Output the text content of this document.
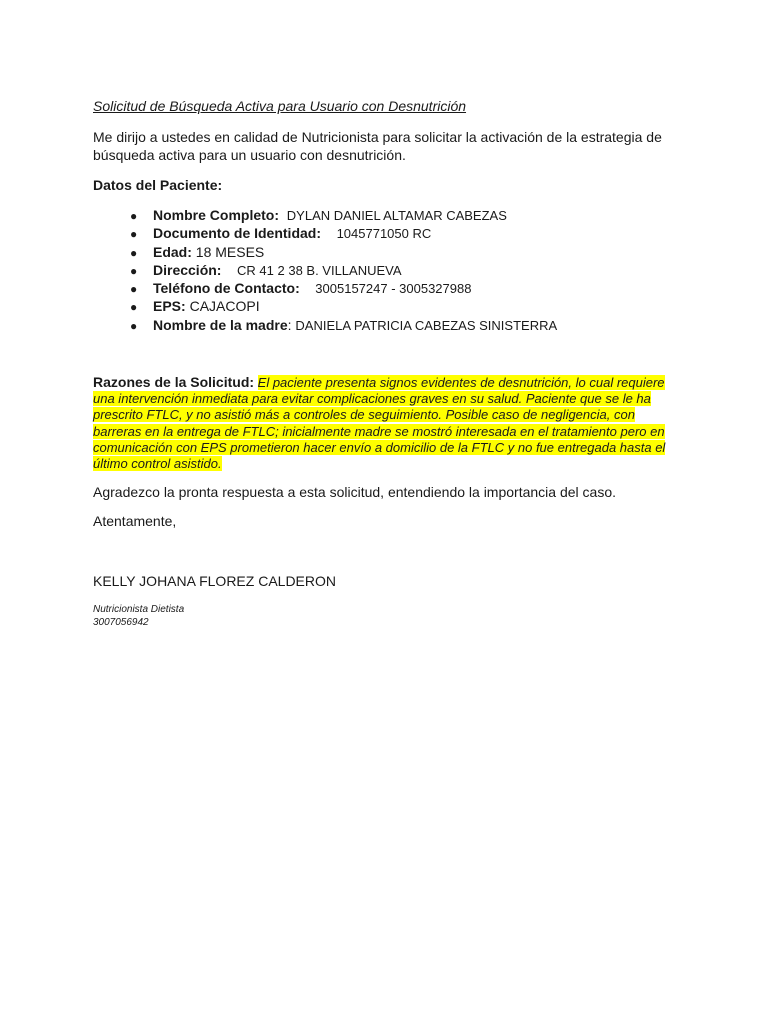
Solicitud de Búsqueda Activa para Usuario con Desnutrición

Me dirijo a ustedes en calidad de Nutricionista para solicitar la activación de la estrategia de búsqueda activa para un usuario con desnutrición.

Datos del Paciente:

● Nombre Completo: DYLAN DANIEL ALTAMAR CABEZAS
● Documento de Identidad: 1045771050 RC
● Edad: 18 MESES
● Dirección: CR 41 2 38 B. VILLANUEVA
● Teléfono de Contacto: 3005157247 - 3005327988
● EPS: CAJACOPI
● Nombre de la madre: DANIELA PATRICIA CABEZAS SINISTERRA

Razones de la Solicitud: El paciente presenta signos evidentes de desnutrición, lo cual requiere una intervención inmediata para evitar complicaciones graves en su salud. Paciente que se le ha prescrito FTLC, y no asistió más a controles de seguimiento. Posible caso de negligencia, con barreras en la entrega de FTLC; inicialmente madre se mostró interesada en el tratamiento pero en comunicación con EPS prometieron hacer envío a domicilio de la FTLC y no fue entregada hasta el último control asistido.

Agradezco la pronta respuesta a esta solicitud, entendiendo la importancia del caso.

Atentamente,

KELLY JOHANA FLOREZ CALDERON

Nutricionista Dietista
3007056942
